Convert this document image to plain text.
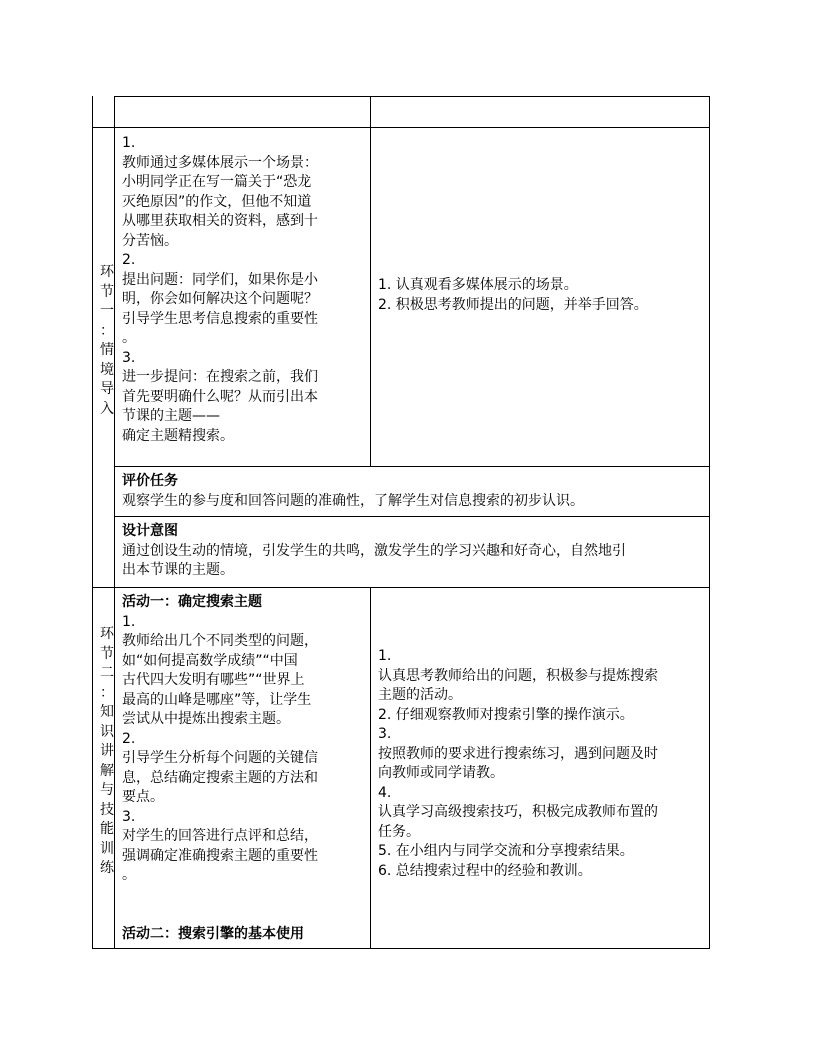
环
节
一
：
情
境
导
入

1.

教师通过多媒体展示一个场景：

小明同学正在写一篇关于“恐龙

灭绝原因”的作文，但他不知道

从哪里获取相关的资料，感到十

分苦恼。

2.

提出问题：同学们，如果你是小

明，你会如何解决这个问题呢？

引导学生思考信息搜索的重要性

。

3.

进一步提问：在搜索之前，我们

首先要明确什么呢？从而引出本

节课的主题——

确定主题精搜索。

1. 认真观看多媒体展示的场景。

2. 积极思考教师提出的问题，并举手回答。

评价任务

观察学生的参与度和回答问题的准确性，了解学生对信息搜索的初步认识。

设计意图

通过创设生动的情境，引发学生的共鸣，激发学生的学习兴趣和好奇心，自然地引

出本节课的主题。

环
节
二
：
知
识
讲
解
与
技
能
训
练

活动一：确定搜索主题

1.

教师给出几个不同类型的问题，

如“如何提高数学成绩”“中国

古代四大发明有哪些”“世界上

最高的山峰是哪座”等，让学生

尝试从中提炼出搜索主题。

2.

引导学生分析每个问题的关键信

息，总结确定搜索主题的方法和

要点。

3.

对学生的回答进行点评和总结，

强调确定准确搜索主题的重要性

。

活动二：搜索引擎的基本使用

1.

认真思考教师给出的问题，积极参与提炼搜索

主题的活动。

2. 仔细观察教师对搜索引擎的操作演示。

3.

按照教师的要求进行搜索练习，遇到问题及时

向教师或同学请教。

4.

认真学习高级搜索技巧，积极完成教师布置的

任务。

5. 在小组内与同学交流和分享搜索结果。

6. 总结搜索过程中的经验和教训。
